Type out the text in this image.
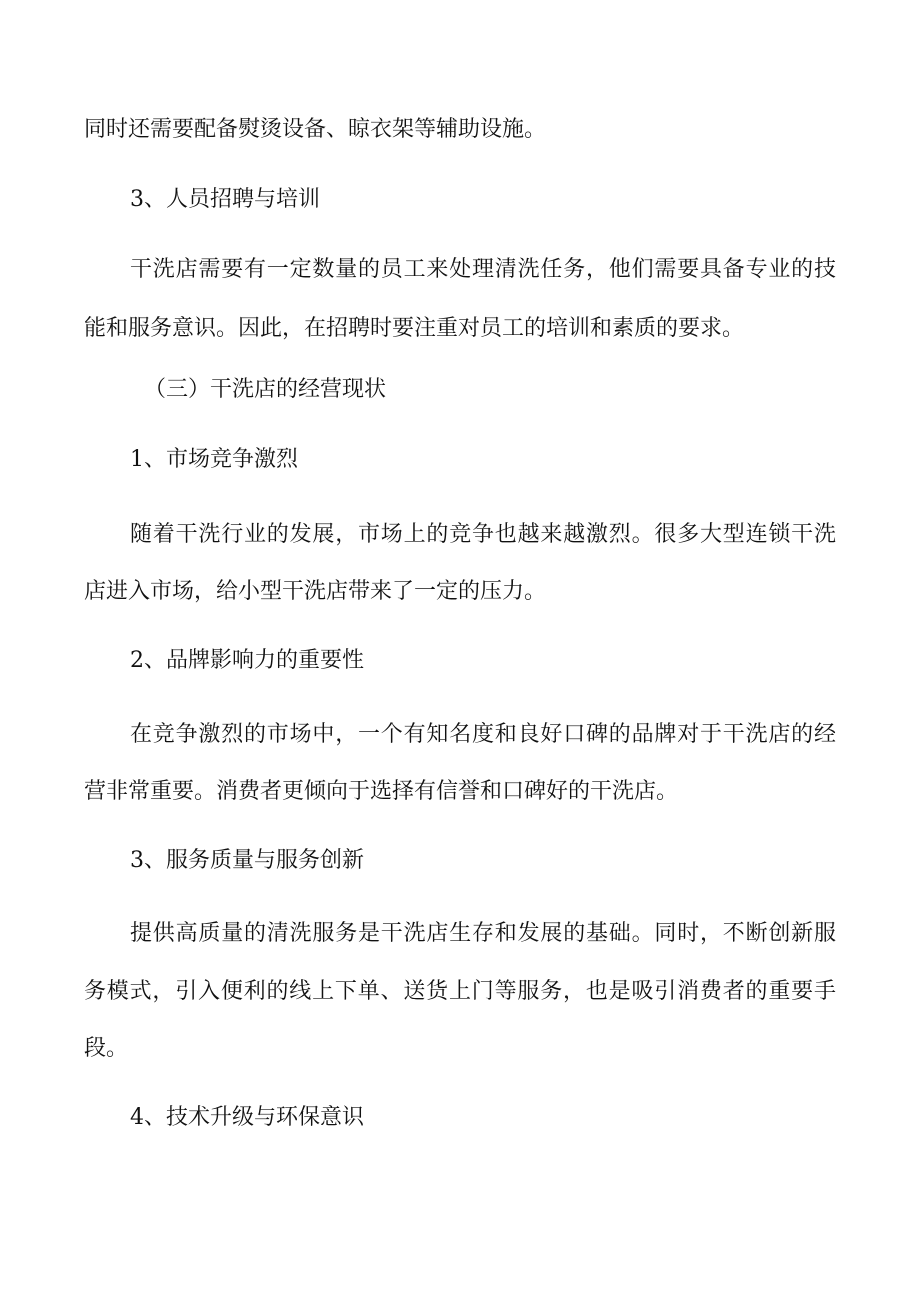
同时还需要配备熨烫设备、晾衣架等辅助设施。
3、人员招聘与培训
干洗店需要有一定数量的员工来处理清洗任务，他们需要具备专业的技
能和服务意识。因此，在招聘时要注重对员工的培训和素质的要求。
（三）干洗店的经营现状
1、市场竞争激烈
随着干洗行业的发展，市场上的竞争也越来越激烈。很多大型连锁干洗
店进入市场，给小型干洗店带来了一定的压力。
2、品牌影响力的重要性
在竞争激烈的市场中，一个有知名度和良好口碑的品牌对于干洗店的经
营非常重要。消费者更倾向于选择有信誉和口碑好的干洗店。
3、服务质量与服务创新
提供高质量的清洗服务是干洗店生存和发展的基础。同时，不断创新服
务模式，引入便利的线上下单、送货上门等服务，也是吸引消费者的重要手
段。
4、技术升级与环保意识
